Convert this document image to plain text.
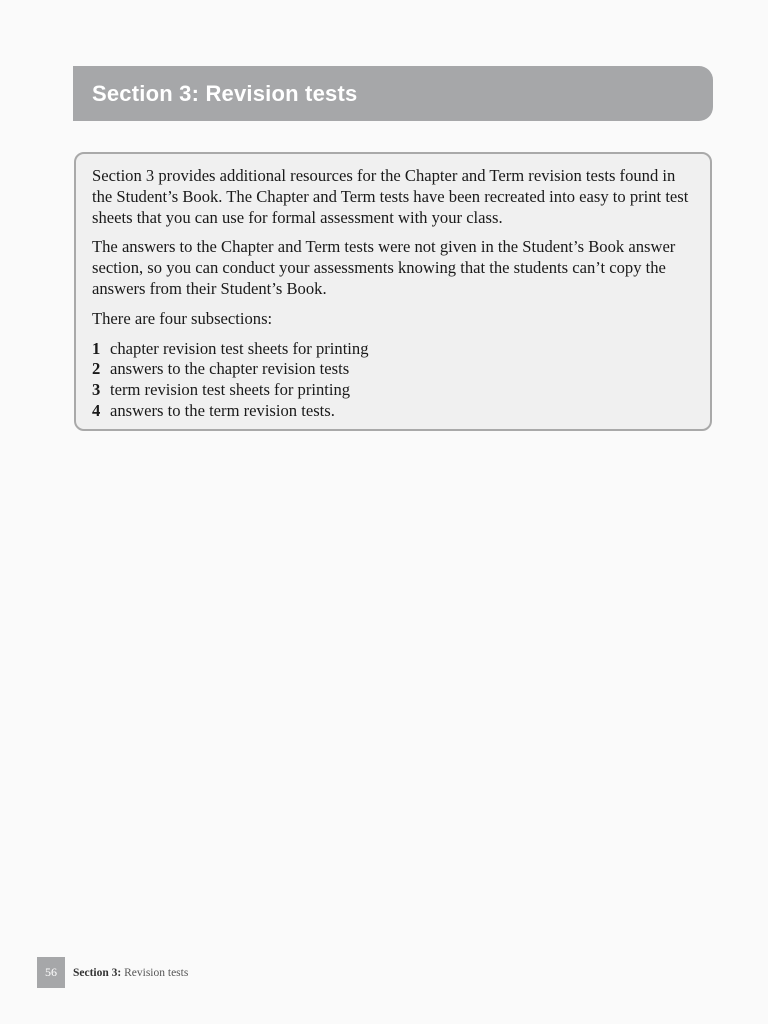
Section 3: Revision tests

Section 3 provides additional resources for the Chapter and Term revision tests found in the Student’s Book. The Chapter and Term tests have been recreated into easy to print test sheets that you can use for formal assessment with your class.

The answers to the Chapter and Term tests were not given in the Student’s Book answer section, so you can conduct your assessments knowing that the students can’t copy the answers from their Student’s Book.

There are four subsections:

1 chapter revision test sheets for printing
2 answers to the chapter revision tests
3 term revision test sheets for printing
4 answers to the term revision tests.
56	Section 3: Revision tests
